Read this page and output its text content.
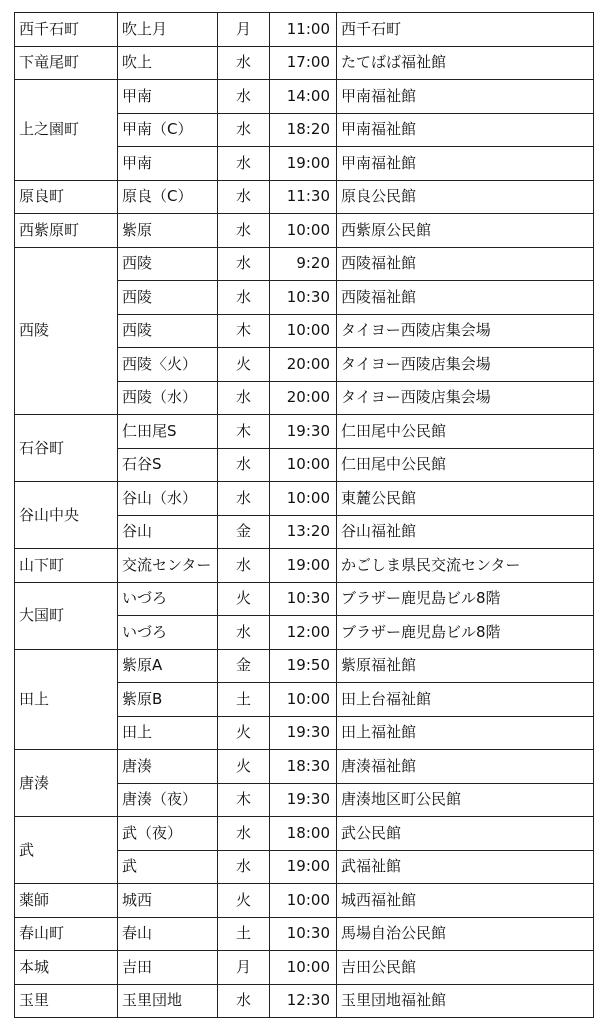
西千石町	吹上月	月	11:00	西千石町
下竜尾町	吹上	水	17:00	たてばば福祉館
上之園町	甲南	水	14:00	甲南福祉館
	甲南（C）	水	18:20	甲南福祉館
	甲南	水	19:00	甲南福祉館
原良町	原良（C）	水	11:30	原良公民館
西紫原町	紫原	水	10:00	西紫原公民館
西陵	西陵	水	9:20	西陵福祉館
	西陵	水	10:30	西陵福祉館
	西陵	木	10:00	タイヨー西陵店集会場
	西陵〈火）	火	20:00	タイヨー西陵店集会場
	西陵（水）	水	20:00	タイヨー西陵店集会場
石谷町	仁田尾S	木	19:30	仁田尾中公民館
	石谷S	水	10:00	仁田尾中公民館
谷山中央	谷山（水）	水	10:00	東麓公民館
	谷山	金	13:20	谷山福祉館
山下町	交流センター	水	19:00	かごしま県民交流センター
大国町	いづろ	火	10:30	ブラザー鹿児島ビル8階
	いづろ	水	12:00	ブラザー鹿児島ビル8階
田上	紫原A	金	19:50	紫原福祉館
	紫原B	土	10:00	田上台福祉館
	田上	火	19:30	田上福祉館
唐湊	唐湊	火	18:30	唐湊福祉館
	唐湊（夜）	木	19:30	唐湊地区町公民館
武	武（夜）	水	18:00	武公民館
	武	水	19:00	武福祉館
薬師	城西	火	10:00	城西福祉館
春山町	春山	土	10:30	馬場自治公民館
本城	吉田	月	10:00	吉田公民館
玉里	玉里団地	水	12:30	玉里団地福祉館
